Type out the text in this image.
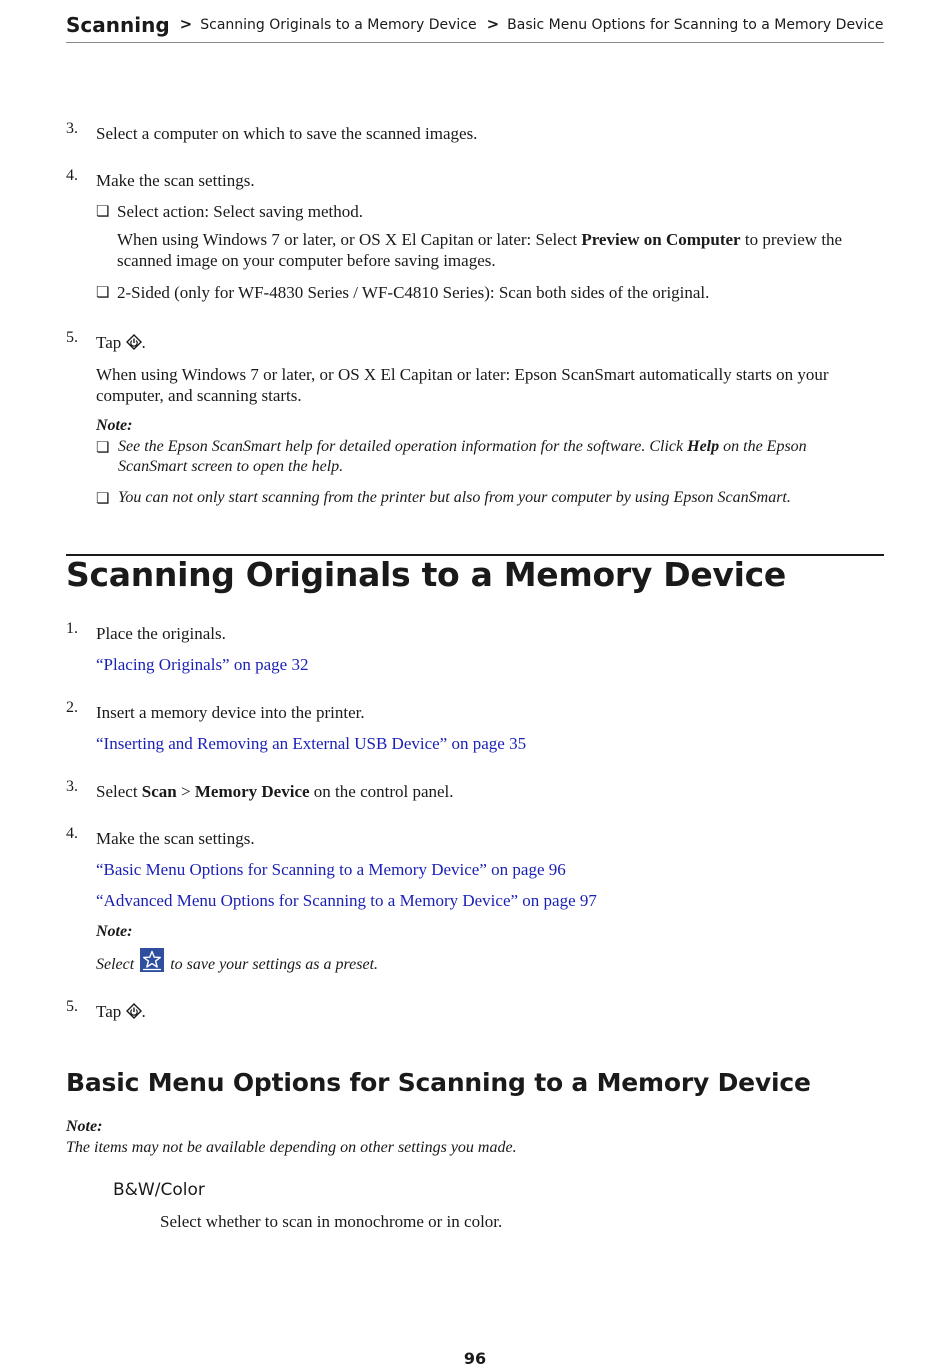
Scanning > Scanning Originals to a Memory Device > Basic Menu Options for Scanning to a Memory Device
3. Select a computer on which to save the scanned images.
4. Make the scan settings.
❏ Select action: Select saving method.
When using Windows 7 or later, or OS X El Capitan or later: Select Preview on Computer to preview the
scanned image on your computer before saving images.
❏ 2-Sided (only for WF-4830 Series / WF-C4810 Series): Scan both sides of the original.
5. Tap .
When using Windows 7 or later, or OS X El Capitan or later: Epson ScanSmart automatically starts on your
computer, and scanning starts.
Note:
❏ See the Epson ScanSmart help for detailed operation information for the software. Click Help on the Epson
ScanSmart screen to open the help.
❏ You can not only start scanning from the printer but also from your computer by using Epson ScanSmart.
Scanning Originals to a Memory Device
1. Place the originals.
“Placing Originals” on page 32
2. Insert a memory device into the printer.
“Inserting and Removing an External USB Device” on page 35
3. Select Scan > Memory Device on the control panel.
4. Make the scan settings.
“Basic Menu Options for Scanning to a Memory Device” on page 96
“Advanced Menu Options for Scanning to a Memory Device” on page 97
Note:
Select to save your settings as a preset.
5. Tap .
Basic Menu Options for Scanning to a Memory Device
Note:
The items may not be available depending on other settings you made.
B&W/Color
Select whether to scan in monochrome or in color.
96
